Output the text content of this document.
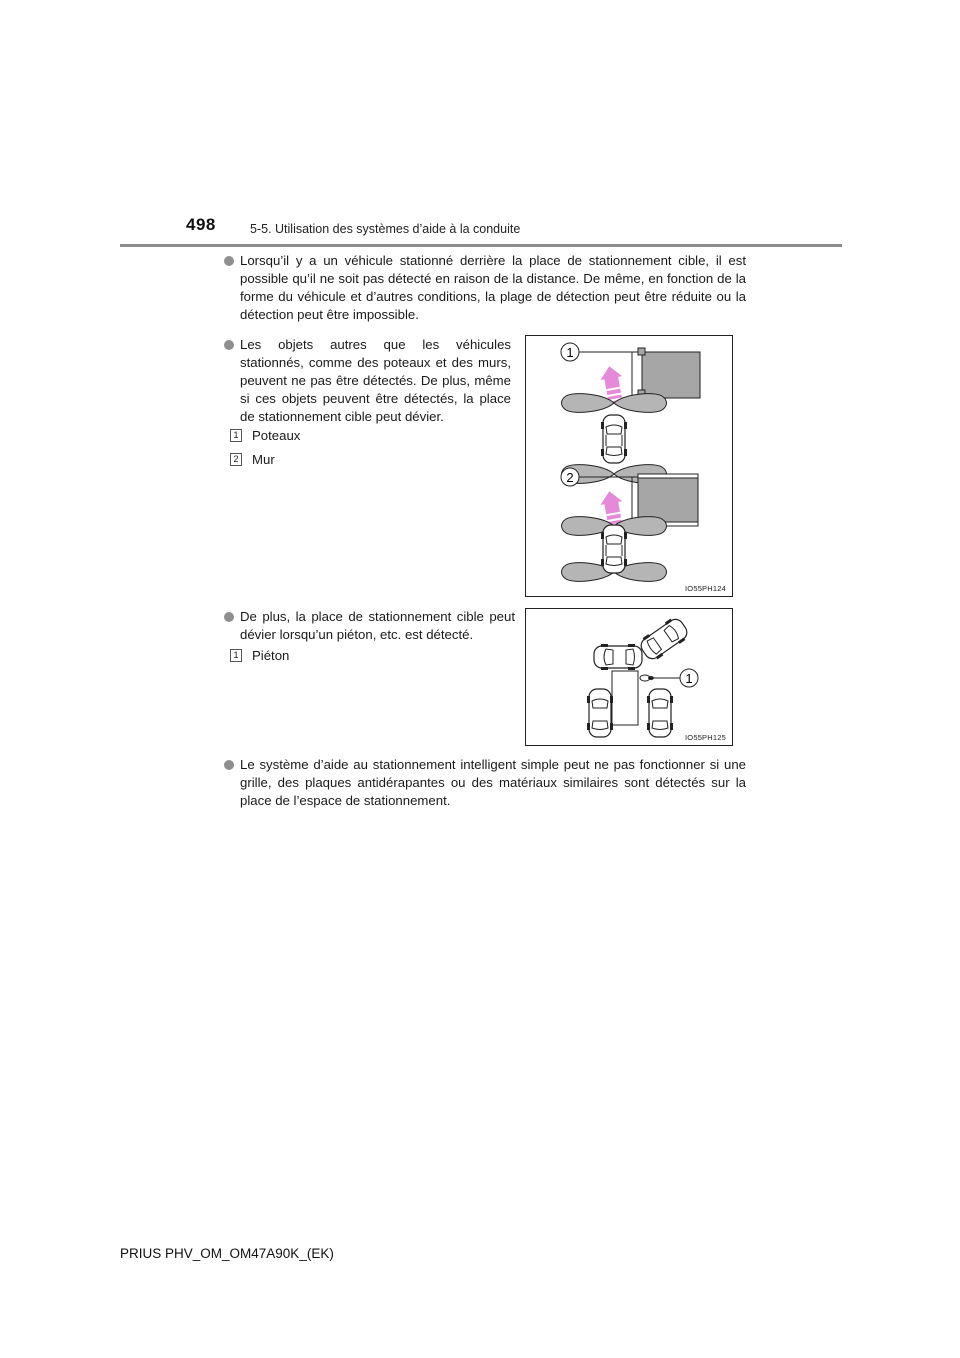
498	5-5. Utilisation des systèmes d’aide à la conduite
Lorsqu’il y a un véhicule stationné derrière la place de stationnement cible, il est possible qu’il ne soit pas détecté en raison de la distance. De même, en fonction de la forme du véhicule et d’autres conditions, la plage de détection peut être réduite ou la détection peut être impossible.
Les objets autres que les véhicules stationnés, comme des poteaux et des murs, peuvent ne pas être détectés. De plus, même si ces objets peuvent être détectés, la place de stationnement cible peut dévier.
1 Poteaux
2 Mur
1
2
IO55PH124
De plus, la place de stationnement cible peut dévier lorsqu’un piéton, etc. est détecté.
1 Piéton
1
IO55PH125
Le système d’aide au stationnement intelligent simple peut ne pas fonctionner si une grille, des plaques antidérapantes ou des matériaux similaires sont détectés sur la place de l’espace de stationnement.
PRIUS PHV_OM_OM47A90K_(EK)
